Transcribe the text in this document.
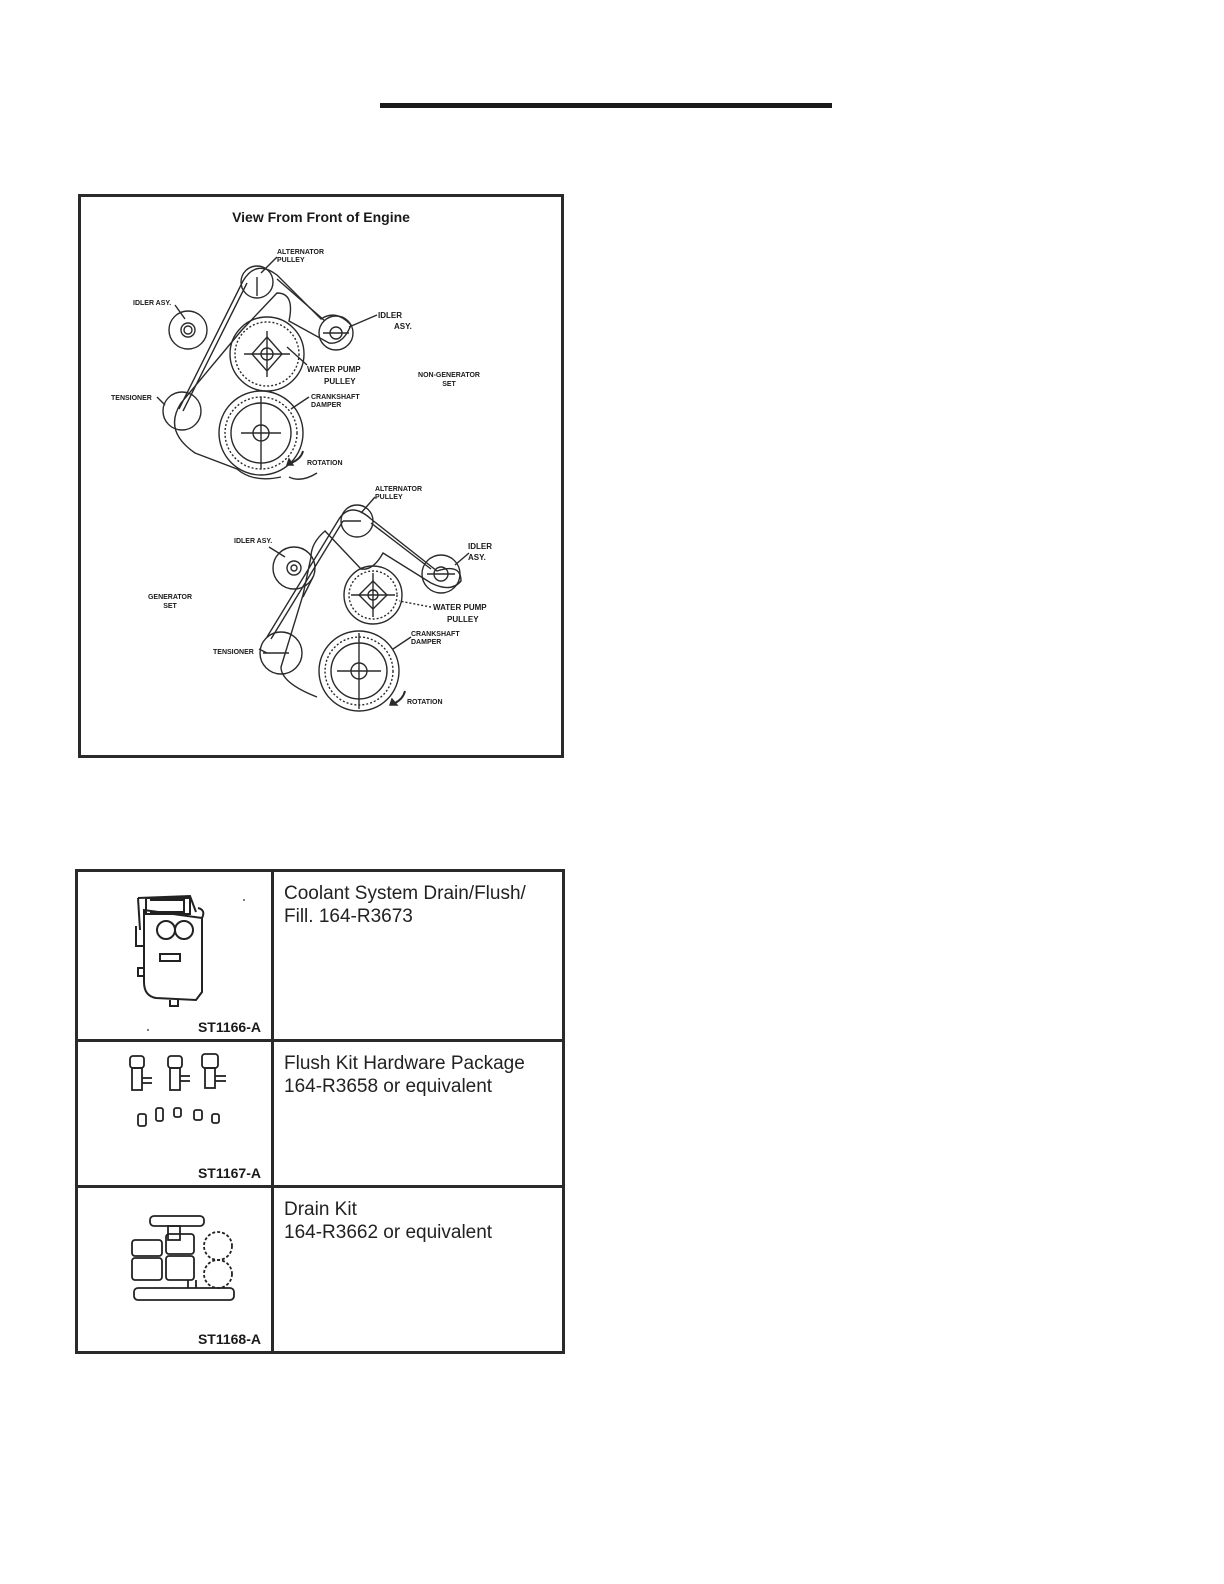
View From Front of Engine
ALTERNATOR
PULLEY
IDLER ASY.
IDLER
ASY.
WATER PUMP
PULLEY
NON-GENERATOR
SET
TENSIONER	CRANKSHAFT
DAMPER
ROTATION
ALTERNATOR
PULLEY
IDLER ASY.
IDLER
ASY.
GENERATOR
SET	WATER PUMP
PULLEY
CRANKSHAFT
DAMPER
TENSIONER
ROTATION
ST1166-A	Coolant System Drain/Flush/
Fill. 164-R3673

ST1167-A	Flush Kit Hardware Package
164-R3658 or equivalent

ST1168-A	Drain Kit
164-R3662 or equivalent
